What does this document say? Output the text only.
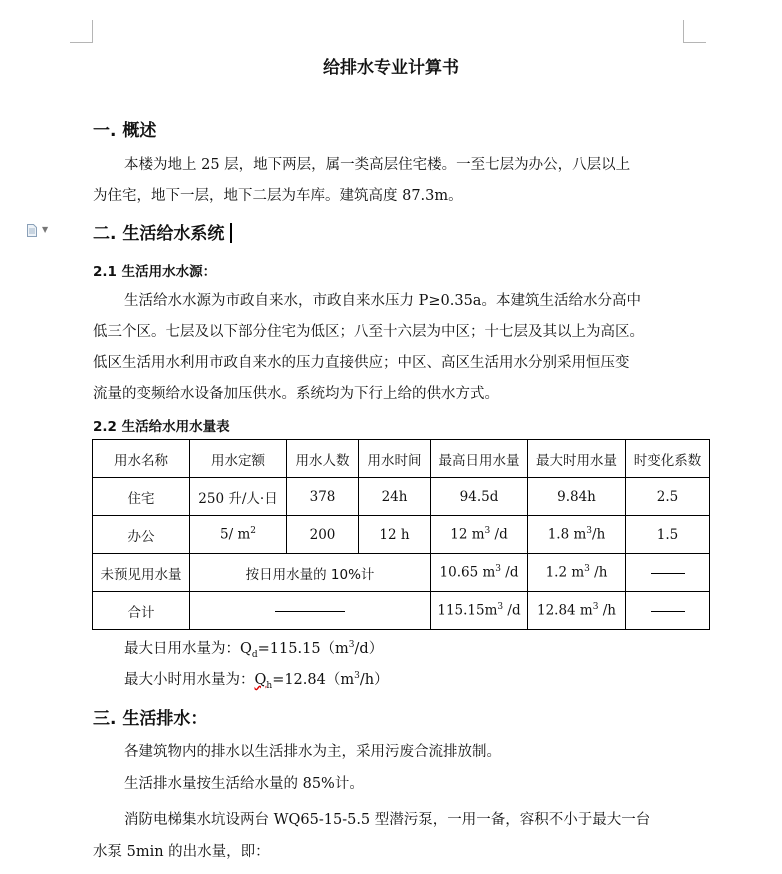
给排水专业计算书
一. 概述
本楼为地上 25 层，地下两层，属一类高层住宅楼。一至七层为办公，八层以上
为住宅，地下一层，地下二层为车库。建筑高度 87.3m。
▼	二. 生活给水系统
2.1 生活用水水源：
生活给水水源为市政自来水，市政自来水压力 P≥0.35a。本建筑生活给水分高中
低三个区。七层及以下部分住宅为低区；八至十六层为中区；十七层及其以上为高区。
低区生活用水利用市政自来水的压力直接供应；中区、高区生活用水分别采用恒压变
流量的变频给水设备加压供水。系统均为下行上给的供水方式。
2.2 生活给水用水量表
用水名称	用水定额	用水人数	用水时间	最高日用水量	最大时用水量	时变化系数
住宅	250 升/人·日	378	24h	94.5d	9.84h	2.5
办公	5/ $m^2$	200	12 h	12 $m^3$ /d	1.8 $m^3/h$	1.5
未预见用水量	按日用水量的 10%计			10.65 $m^3$ /d	1.2 $m^3$ /h	
合计				$115.15m^3$ /d	12.84 $m^3$ /h	
最大日用水量为：$Q_d=115.15(m^3/d)$
最大小时用水量为：$Q_h=12.84(m^3/h)$
三. 生活排水：
各建筑物内的排水以生活排水为主，采用污废合流排放制。
生活排水量按生活给水量的 85%计。
消防电梯集水坑设两台 WQ65-15-5.5 型潜污泵，一用一备，容积不小于最大一台
水泵 5min 的出水量，即：
